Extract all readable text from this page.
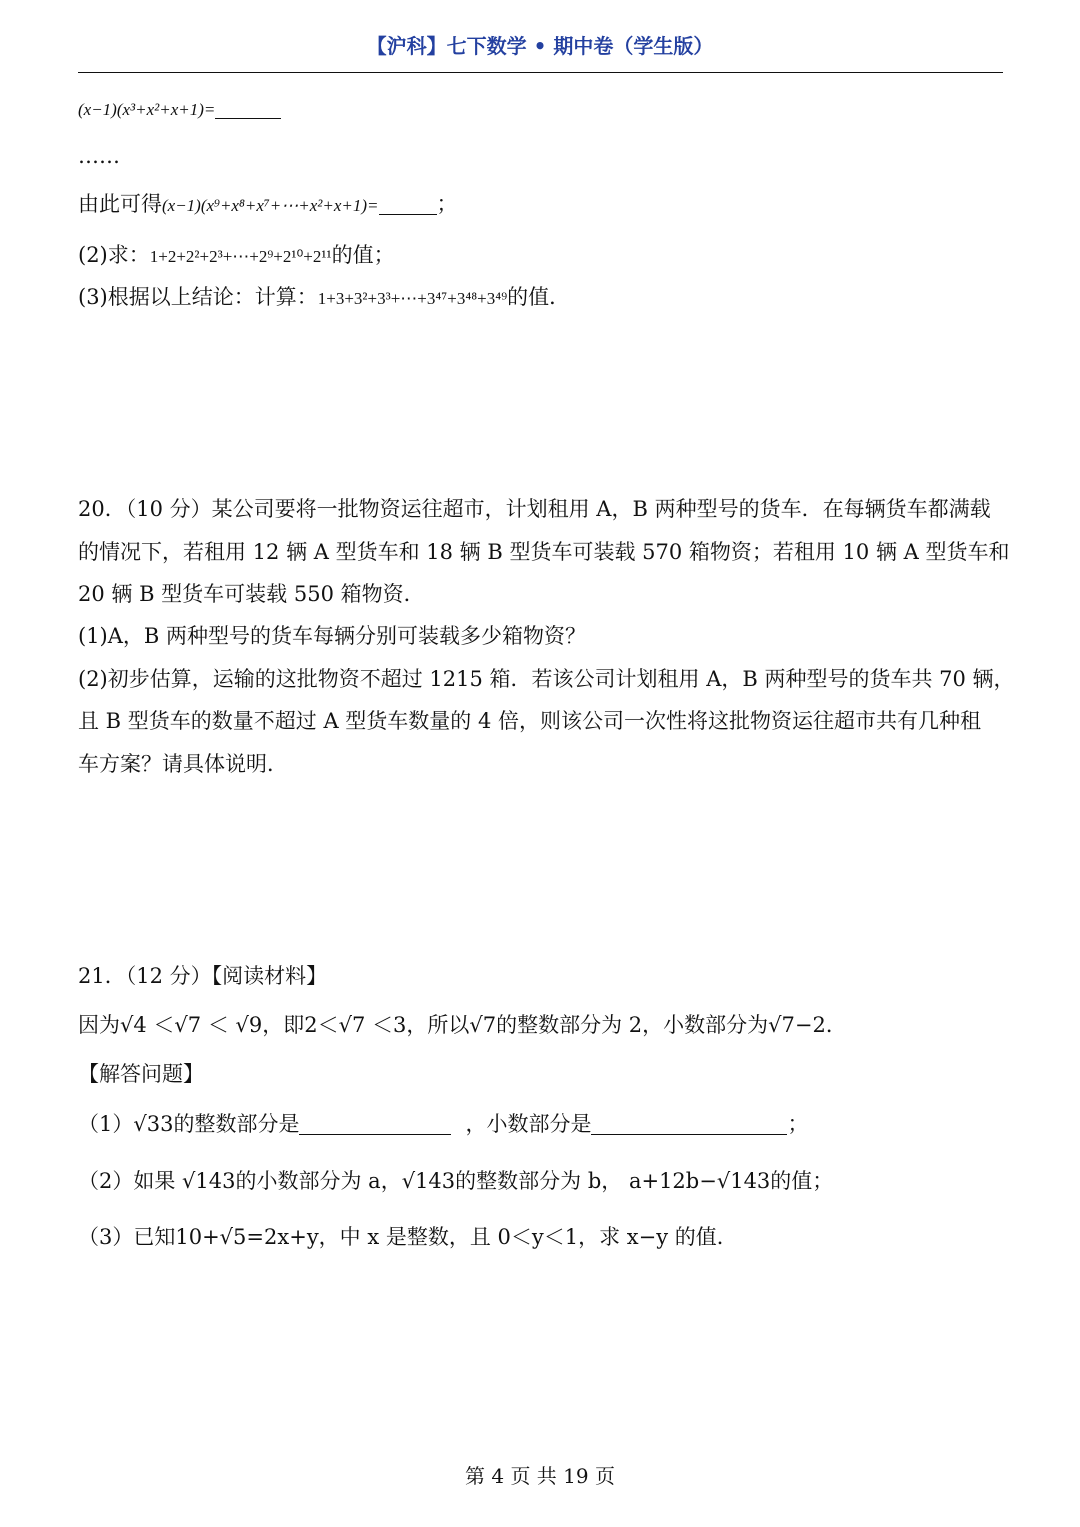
【沪科】七下数学 • 期中卷（学生版）
(x−1)(x³+x²+x+1)=
……
由此可得(x−1)(x⁹+x⁸+x⁷+⋯+x²+x+1)=	；
(2)求：1+2+2²+2³+⋯+2⁹+2¹⁰+2¹¹的值；
(3)根据以上结论：计算：1+3+3²+3³+⋯+3⁴⁷+3⁴⁸+3⁴⁹的值．
20．（10 分）某公司要将一批物资运往超市，计划租用 A，B 两种型号的货车．在每辆货车都满载
的情况下，若租用 12 辆 A 型货车和 18 辆 B 型货车可装载 570 箱物资；若租用 10 辆 A 型货车和
20 辆 B 型货车可装载 550 箱物资．
(1)A，B 两种型号的货车每辆分别可装载多少箱物资？
(2)初步估算，运输的这批物资不超过 1215 箱．若该公司计划租用 A，B 两种型号的货车共 70 辆，
且 B 型货车的数量不超过 A 型货车数量的 4 倍，则该公司一次性将这批物资运往超市共有几种租
车方案？请具体说明．
21．（12 分）【阅读材料】
因为√4 ＜√7 ＜ √9，即2＜√7 ＜3，所以√7的整数部分为 2，小数部分为√7−2．
【解答问题】
（1）√33的整数部分是	，小数部分是	；
（2）如果 √143的小数部分为 a，√143的整数部分为 b， a+12b−√143的值；
（3）已知10+√5=2x+y，中 x 是整数，且 0＜y＜1，求 x−y 的值．
第 4 页 共 19 页
